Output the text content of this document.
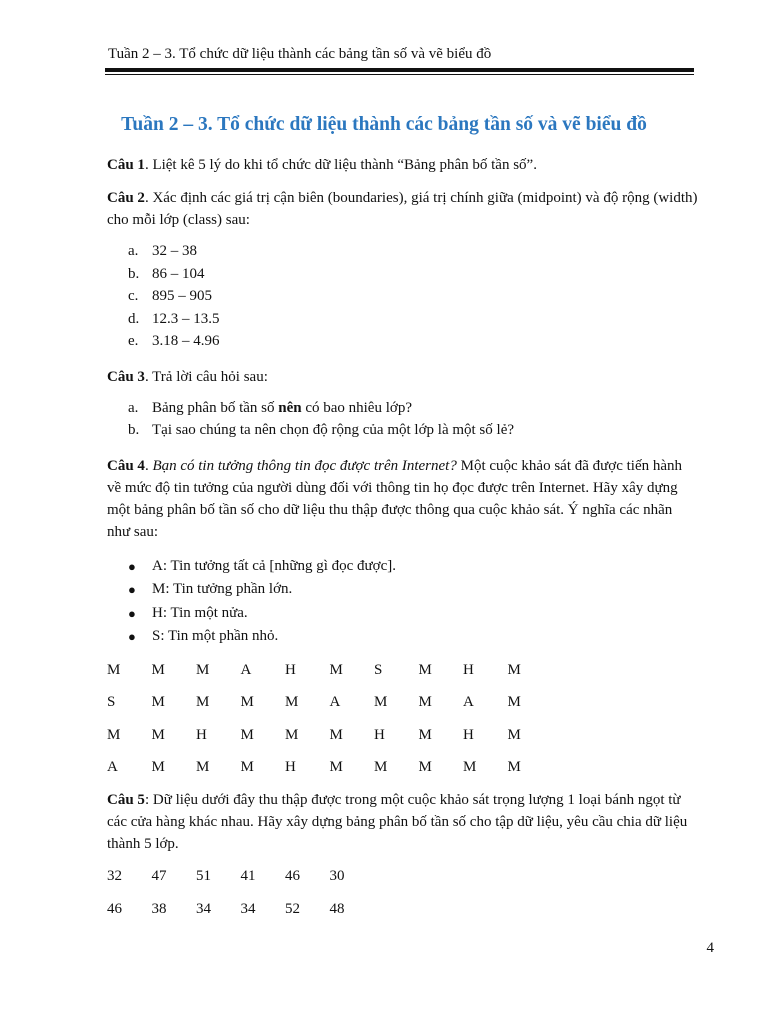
Tuần 2 – 3. Tổ chức dữ liệu thành các bảng tần số và vẽ biểu đồ
Tuần 2 – 3. Tổ chức dữ liệu thành các bảng tần số và vẽ biểu đồ

Câu 1. Liệt kê 5 lý do khi tổ chức dữ liệu thành “Bảng phân bố tần số”.

Câu 2. Xác định các giá trị cận biên (boundaries), giá trị chính giữa (midpoint) và độ rộng (width) cho mỗi lớp (class) sau:

a. 32 – 38
b. 86 – 104
c. 895 – 905
d. 12.3 – 13.5
e. 3.18 – 4.96

Câu 3. Trả lời câu hỏi sau:

a. Bảng phân bố tần số nên có bao nhiêu lớp?
b. Tại sao chúng ta nên chọn độ rộng của một lớp là một số lẻ?

Câu 4. Bạn có tin tưởng thông tin đọc được trên Internet? Một cuộc khảo sát đã được tiến hành về mức độ tin tưởng của người dùng đối với thông tin họ đọc được trên Internet. Hãy xây dựng một bảng phân bố tần số cho dữ liệu thu thập được thông qua cuộc khảo sát. Ý nghĩa các nhãn như sau:

●	A: Tin tưởng tất cả [những gì đọc được].
●	M: Tin tưởng phần lớn.
●	H: Tin một nửa.
●	S: Tin một phần nhỏ.
M	M	M	A	H	M	S	M	H	M
S	M	M	M	M	A	M	M	A	M
M	M	H	M	M	M	H	M	H	M
A	M	M	M	H	M	M	M	M	M

Câu 5: Dữ liệu dưới đây thu thập được trong một cuộc khảo sát trọng lượng 1 loại bánh ngọt từ các cửa hàng khác nhau. Hãy xây dựng bảng phân bố tần số cho tập dữ liệu, yêu cầu chia dữ liệu thành 5 lớp.

32	47	51	41	46	30
46	38	34	34	52	48
4
